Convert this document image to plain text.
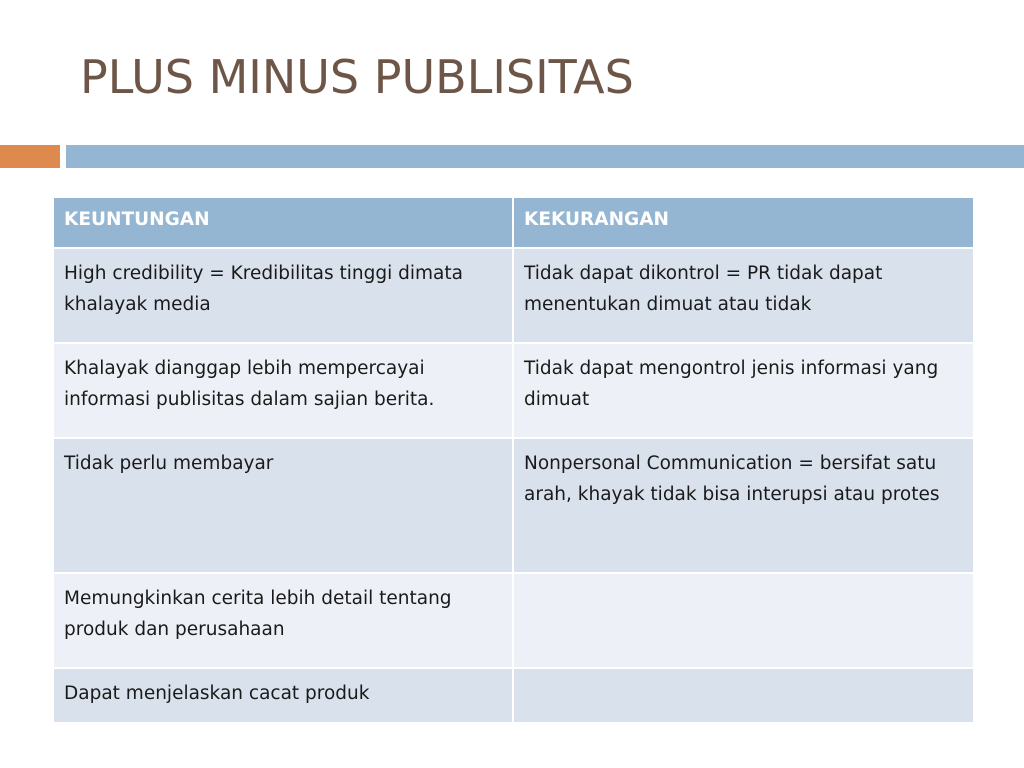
PLUS MINUS PUBLISITAS
KEUNTUNGAN	KEKURANGAN
High credibility = Kredibilitas tinggi dimata khalayak media	Tidak dapat dikontrol = PR tidak dapat menentukan dimuat atau tidak
Khalayak dianggap lebih mempercayai informasi publisitas dalam sajian berita.	Tidak dapat mengontrol jenis informasi yang dimuat
Tidak perlu membayar	Nonpersonal Communication = bersifat satu arah, khayak tidak bisa interupsi atau protes
Memungkinkan cerita lebih detail tentang produk dan perusahaan	
Dapat menjelaskan cacat produk	
